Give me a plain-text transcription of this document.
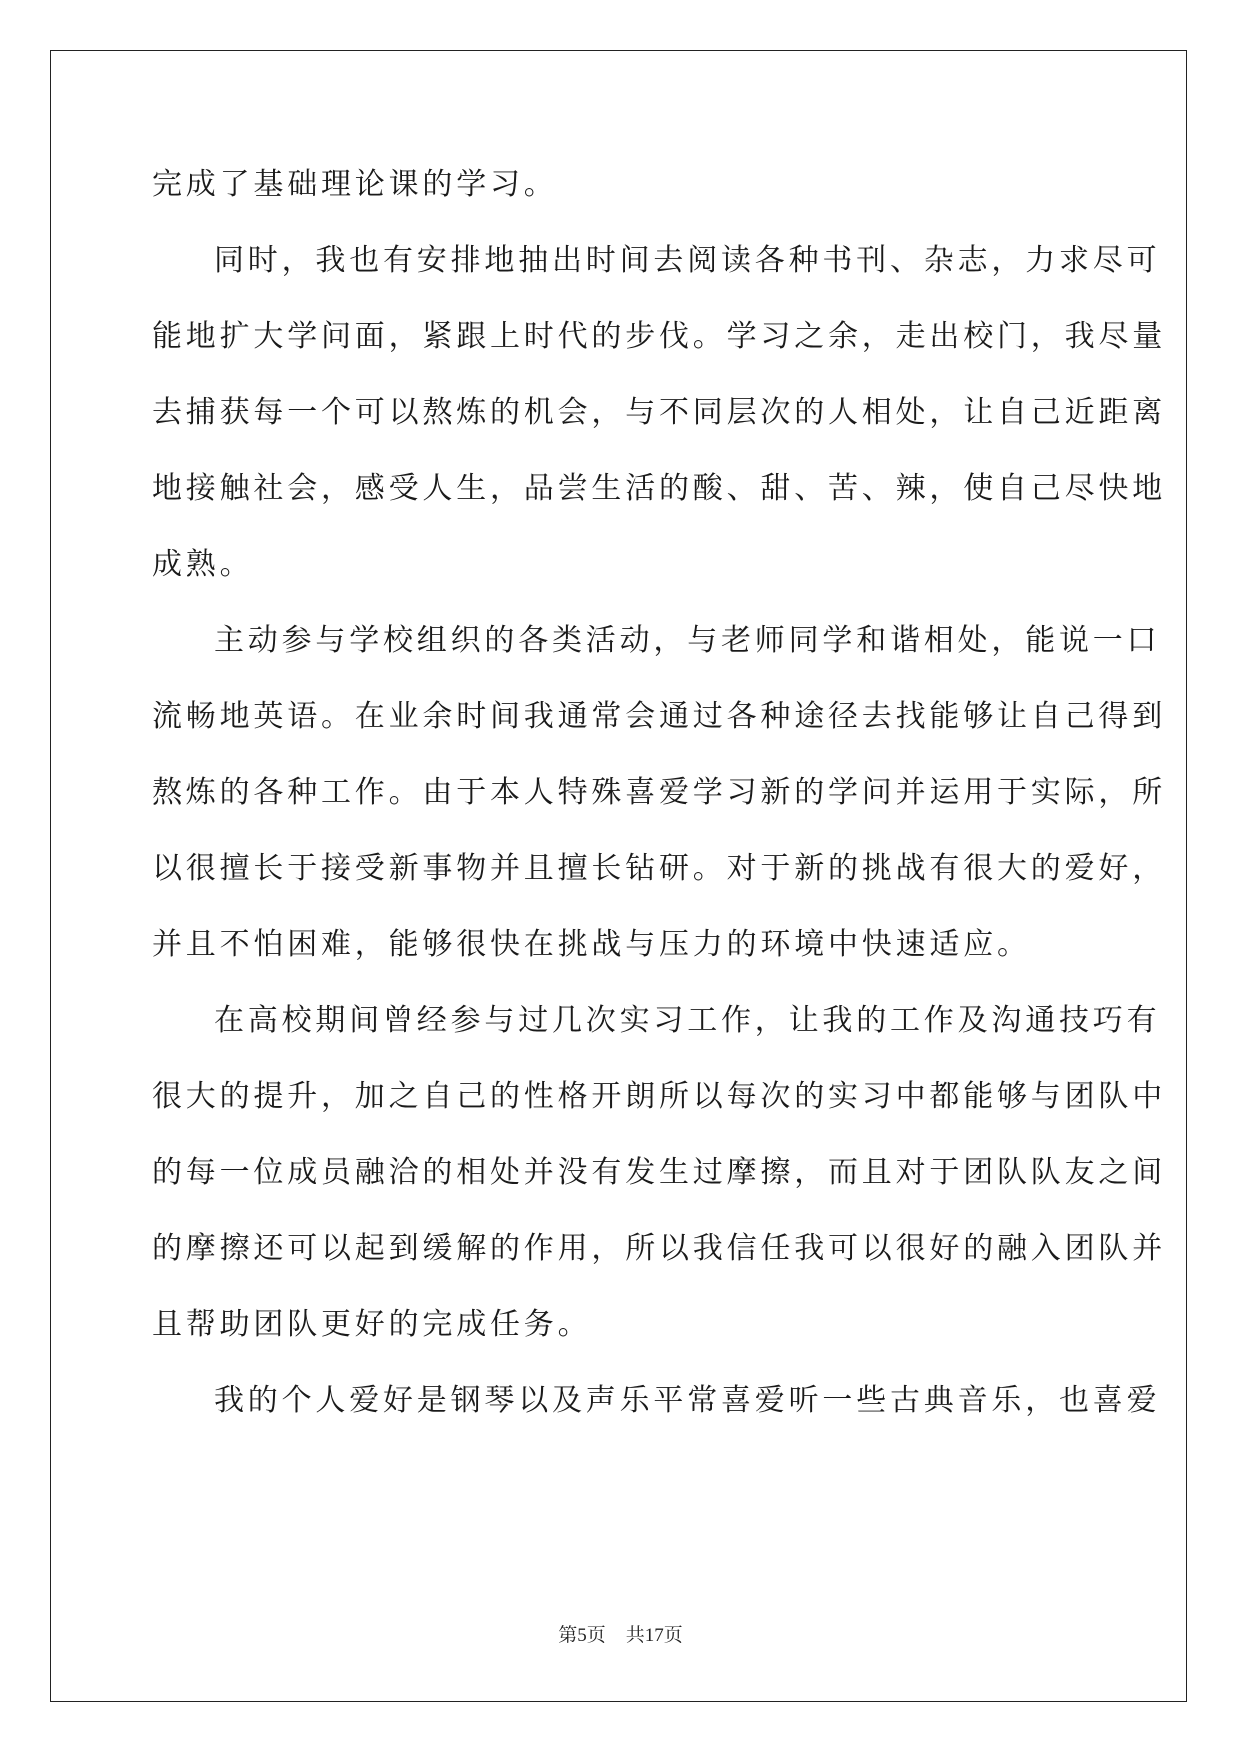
完成了基础理论课的学习。
同时，我也有安排地抽出时间去阅读各种书刊、杂志，力求尽可
能地扩大学问面，紧跟上时代的步伐。学习之余，走出校门，我尽量
去捕获每一个可以熬炼的机会，与不同层次的人相处，让自己近距离
地接触社会，感受人生，品尝生活的酸、甜、苦、辣，使自己尽快地
成熟。
主动参与学校组织的各类活动，与老师同学和谐相处，能说一口
流畅地英语。在业余时间我通常会通过各种途径去找能够让自己得到
熬炼的各种工作。由于本人特殊喜爱学习新的学问并运用于实际，所
以很擅长于接受新事物并且擅长钻研。对于新的挑战有很大的爱好，
并且不怕困难，能够很快在挑战与压力的环境中快速适应。
在高校期间曾经参与过几次实习工作，让我的工作及沟通技巧有
很大的提升，加之自己的性格开朗所以每次的实习中都能够与团队中
的每一位成员融洽的相处并没有发生过摩擦，而且对于团队队友之间
的摩擦还可以起到缓解的作用，所以我信任我可以很好的融入团队并
且帮助团队更好的完成任务。
我的个人爱好是钢琴以及声乐平常喜爱听一些古典音乐，也喜爱
第5页 共17页
